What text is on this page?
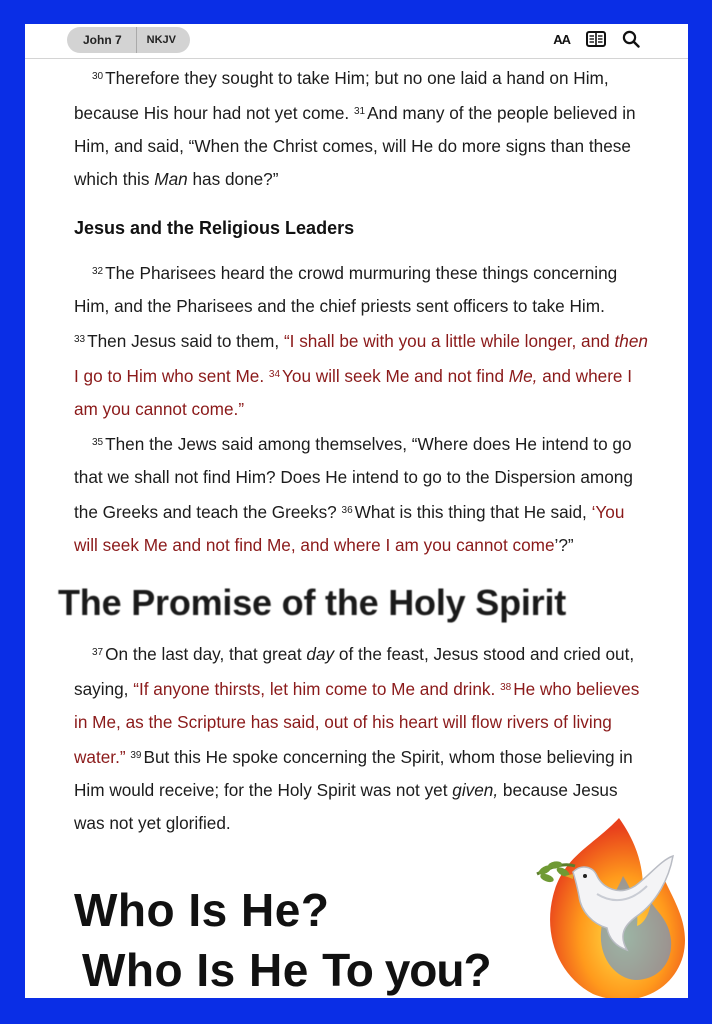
John 7	NKJV	AA

$^{30}$ Therefore they sought to take Him; but no one laid a hand on Him, because His hour had not yet come. $^{31}$ And many of the people believed in Him, and said, “When the Christ comes, will He do more signs than these which this Man has done?”

Jesus and the Religious Leaders

$^{32}$ The Pharisees heard the crowd murmuring these things concerning Him, and the Pharisees and the chief priests sent officers to take Him. $^{33}$ Then Jesus said to them, “I shall be with you a little while longer, and then I go to Him who sent Me. $^{34}$ You will seek Me and not find Me, and where I am you cannot come.”

$^{35}$ Then the Jews said among themselves, “Where does He intend to go that we shall not find Him? Does He intend to go to the Dispersion among the Greeks and teach the Greeks? $^{36}$ What is this thing that He said, ‘You will seek Me and not find Me, and where I am you cannot come’?”

The Promise of the Holy Spirit

$^{37}$ On the last day, that great day of the feast, Jesus stood and cried out, saying, “If anyone thirsts, let him come to Me and drink. $^{38}$ He who believes in Me, as the Scripture has said, out of his heart will flow rivers of living water.” $^{39}$ But this He spoke concerning the Spirit, whom those believing in Him would receive; for the Holy Spirit was not yet given, because Jesus was not yet glorified.

Who Is He?
Who Is He To you?
